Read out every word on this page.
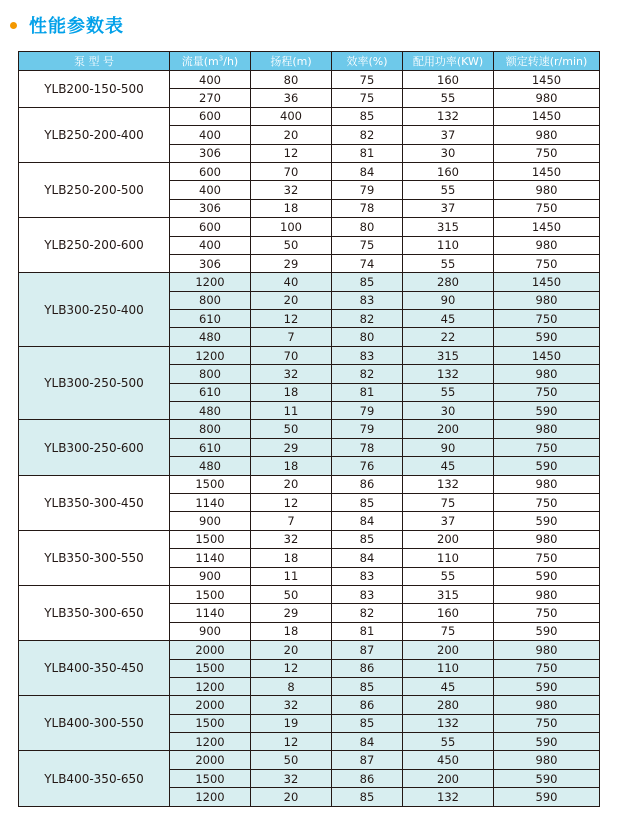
性能参数表
泵 型 号	流量$(m^3/h)$	扬程(m)	效率(%)	配用功率(KW)	额定转速(r/min)
YLB200-150-500	400	80	75	160	1450
	270	36	75	55	980
YLB250-200-400	600	400	85	132	1450
	400	20	82	37	980
	306	12	81	30	750
YLB250-200-500	600	70	84	160	1450
	400	32	79	55	980
	306	18	78	37	750
YLB250-200-600	600	100	80	315	1450
	400	50	75	110	980
	306	29	74	55	750
YLB300-250-400	1200	40	85	280	1450
	800	20	83	90	980
	610	12	82	45	750
	480	7	80	22	590
YLB300-250-500	1200	70	83	315	1450
	800	32	82	132	980
	610	18	81	55	750
	480	11	79	30	590
YLB300-250-600	800	50	79	200	980
	610	29	78	90	750
	480	18	76	45	590
YLB350-300-450	1500	20	86	132	980
	1140	12	85	75	750
	900	7	84	37	590
YLB350-300-550	1500	32	85	200	980
	1140	18	84	110	750
	900	11	83	55	590
YLB350-300-650	1500	50	83	315	980
	1140	29	82	160	750
	900	18	81	75	590
YLB400-350-450	2000	20	87	200	980
	1500	12	86	110	750
	1200	8	85	45	590
YLB400-300-550	2000	32	86	280	980
	1500	19	85	132	750
	1200	12	84	55	590
YLB400-350-650	2000	50	87	450	980
	1500	32	86	200	590
	1200	20	85	132	590
